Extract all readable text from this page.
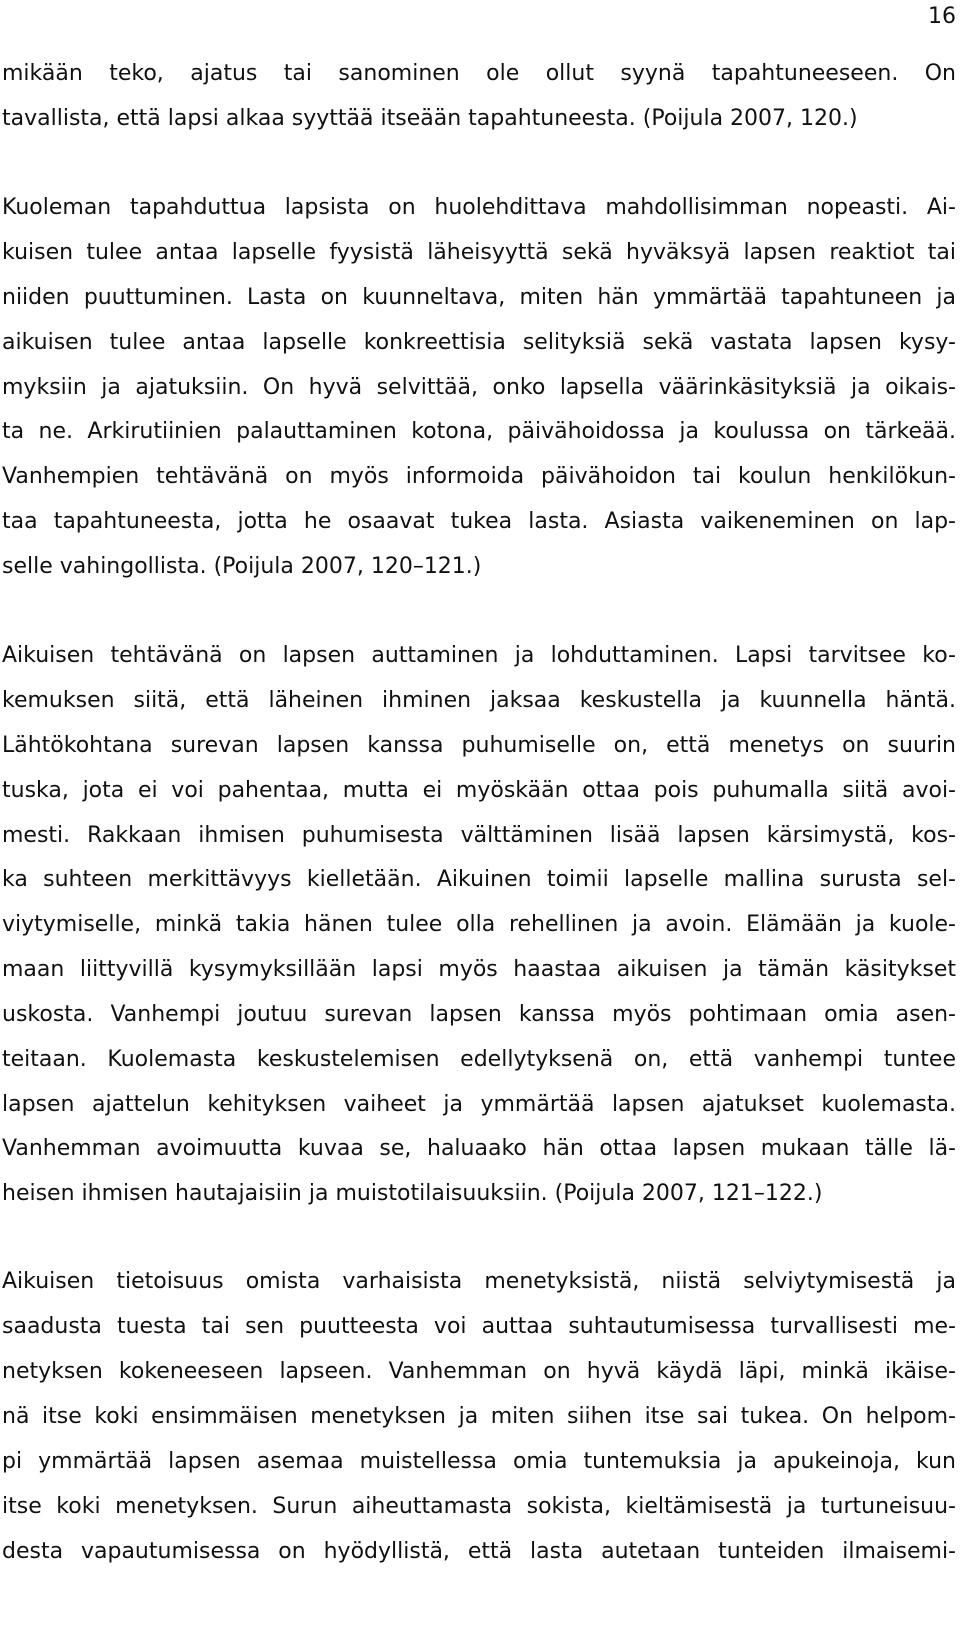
16
mikään teko, ajatus tai sanominen ole ollut syynä tapahtuneeseen. On
tavallista, että lapsi alkaa syyttää itseään tapahtuneesta. (Poijula 2007, 120.)
Kuoleman tapahduttua lapsista on huolehdittava mahdollisimman nopeasti. Ai-
kuisen tulee antaa lapselle fyysistä läheisyyttä sekä hyväksyä lapsen reaktiot tai
niiden puuttuminen. Lasta on kuunneltava, miten hän ymmärtää tapahtuneen ja
aikuisen tulee antaa lapselle konkreettisia selityksiä sekä vastata lapsen kysy-
myksiin ja ajatuksiin. On hyvä selvittää, onko lapsella väärinkäsityksiä ja oikais-
ta ne. Arkirutiinien palauttaminen kotona, päivähoidossa ja koulussa on tärkeää.
Vanhempien tehtävänä on myös informoida päivähoidon tai koulun henkilökun-
taa tapahtuneesta, jotta he osaavat tukea lasta. Asiasta vaikeneminen on lap-
selle vahingollista. (Poijula 2007, 120–121.)
Aikuisen tehtävänä on lapsen auttaminen ja lohduttaminen. Lapsi tarvitsee ko-
kemuksen siitä, että läheinen ihminen jaksaa keskustella ja kuunnella häntä.
Lähtökohtana surevan lapsen kanssa puhumiselle on, että menetys on suurin
tuska, jota ei voi pahentaa, mutta ei myöskään ottaa pois puhumalla siitä avoi-
mesti. Rakkaan ihmisen puhumisesta välttäminen lisää lapsen kärsimystä, kos-
ka suhteen merkittävyys kielletään. Aikuinen toimii lapselle mallina surusta sel-
viytymiselle, minkä takia hänen tulee olla rehellinen ja avoin. Elämään ja kuole-
maan liittyvillä kysymyksillään lapsi myös haastaa aikuisen ja tämän käsitykset
uskosta. Vanhempi joutuu surevan lapsen kanssa myös pohtimaan omia asen-
teitaan. Kuolemasta keskustelemisen edellytyksenä on, että vanhempi tuntee
lapsen ajattelun kehityksen vaiheet ja ymmärtää lapsen ajatukset kuolemasta.
Vanhemman avoimuutta kuvaa se, haluaako hän ottaa lapsen mukaan tälle lä-
heisen ihmisen hautajaisiin ja muistotilaisuuksiin. (Poijula 2007, 121–122.)
Aikuisen tietoisuus omista varhaisista menetyksistä, niistä selviytymisestä ja
saadusta tuesta tai sen puutteesta voi auttaa suhtautumisessa turvallisesti me-
netyksen kokeneeseen lapseen. Vanhemman on hyvä käydä läpi, minkä ikäise-
nä itse koki ensimmäisen menetyksen ja miten siihen itse sai tukea. On helpom-
pi ymmärtää lapsen asemaa muistellessa omia tuntemuksia ja apukeinoja, kun
itse koki menetyksen. Surun aiheuttamasta sokista, kieltämisestä ja turtuneisuu-
desta vapautumisessa on hyödyllistä, että lasta autetaan tunteiden ilmaisemi-
